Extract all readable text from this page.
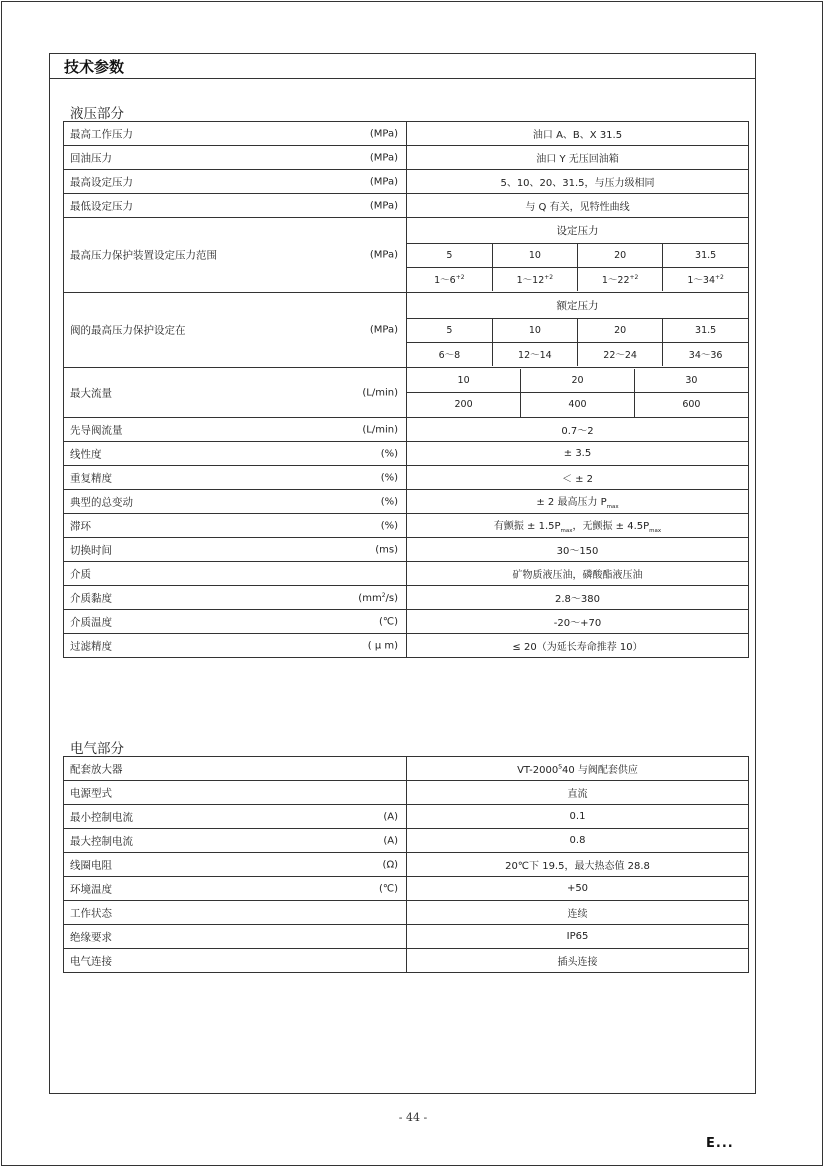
技术参数
液压部分
最高工作压力	(MPa)	油口 A、B、X 31.5

回油压力	(MPa)	油口 Y 无压回油箱

最高设定压力	(MPa)	5、10、20、31.5，与压力级相同

最低设定压力	(MPa)	与 Q 有关，见特性曲线

最高压力保护装置设定压力范围	(MPa)

设定压力
5	10	20	31.5
$1\sim 6^{+2}$	$1\sim 12^{+2}$	$1\sim 22^{+2}$	$1\sim 34^{+2}$

阀的最高压力保护设定在	(MPa)

额定压力
5	10	20	31.5
6～8	12～14	22～24	34～36

最大流量	(L/min)

10	20	30
200	400	600

先导阀流量	(L/min)	0.7～2

线性度	(%)	± 3.5

重复精度	(%)	＜ ± 2

典型的总变动	(%)	± 2 最高压力 $P_{max}$

滞环	(%)	有颤振 ± $1.5P_{max}$，无颤振 ± $4.5P_{max}$

切换时间	(ms)	30～150

介质	矿物质液压油，磷酸酯液压油

介质黏度	$(mm^2/s)$	2.8～380

介质温度	(℃)	-20～+70

过滤精度	( μ m)	≤ 20（为延长寿命推荐 10）
电气部分
配套放大器	$VT-2000^S40$ 与阀配套供应

电源型式	直流

最小控制电流 (A)	0.1

最大控制电流 (A)	0.8

线圈电阻 (Ω)	20℃下 19.5，最大热态值 28.8

环境温度 (℃)	+50

工作状态	连续

绝缘要求	IP65

电气连接	插头连接
- 44 -
E...
